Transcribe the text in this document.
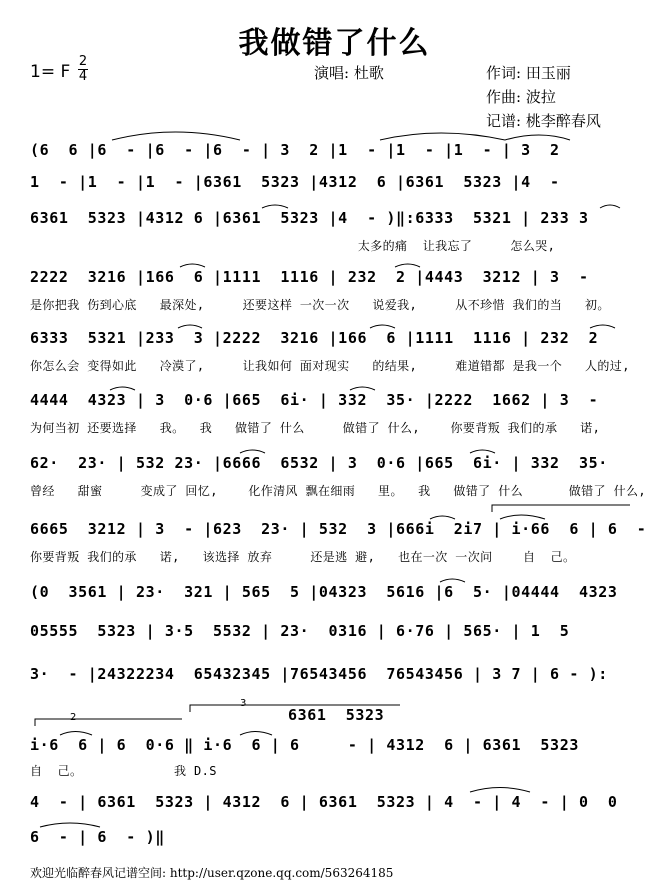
我做错了什么
1= F
2
4	演唱: 杜歌	作词: 田玉丽
作曲: 波拉
记谱: 桃李醉春风
(6  6 |6  - |6  - |6  - | 3  2 |1  - |1  - |1  - | 3  2
1  - |1  - |1  - |6361  5323 |4312  6 |6361  5323 |4  -
6361  5323 |4312 6 |6361  5323 |4  - )‖:6333  5321 | 233 3
太多的痛  让我忘了     怎么哭,
2222  3216 |166  6 |1111  1116 | 232  2 |4443  3212 | 3  -
是你把我 伤到心底   最深处,     还要这样 一次一次   说爱我,     从不珍惜 我们的当   初。
6333  5321 |233  3 |2222  3216 |166  6 |1111  1116 | 232  2
你怎么会 变得如此   冷漠了,     让我如何 面对现实   的结果,     难道错都 是我一个   人的过,
4444  4323 | 3  0·6 |665  6i· | 332  35· |2222  1662 | 3  -
为何当初 还要选择   我。  我   做错了 什么     做错了 什么,    你要背叛 我们的承   诺,
62·  23· | 532 23· |6666  6532 | 3  0·6 |665  6i· | 332  35·
曾经   甜蜜     变成了 回忆,    化作清风 飘在细雨   里。  我   做错了 什么      做错了 什么,
6665  3212 | 3  - |623  23· | 532  3 |666i  2i7 | i·66  6 | 6  -
你要背叛 我们的承   诺,   该选择 放弃     还是逃 避,   也在一次 一次问    自  己。
(0  3561 | 23·  321 | 565  5 |04323  5616 |6  5· |04444  4323
05555  5323 | 3·5  5532 | 23·  0316 | 6·76 | 565· | 1  5
3·  - |24322234  65432345 |76543456  76543456 | 3 7 | 6 - ):
6361  5323
i·6  6 | 6  0·6 ‖ i·6  6 | 6     - | 4312  6 | 6361  5323
自  己。            我 D.S
4  - | 6361  5323 | 4312  6 | 6361  5323 | 4  - | 4  - | 0  0
6  - | 6  - )‖
2
3
欢迎光临醉春风记谱空间: http://user.qzone.qq.com/563264185
